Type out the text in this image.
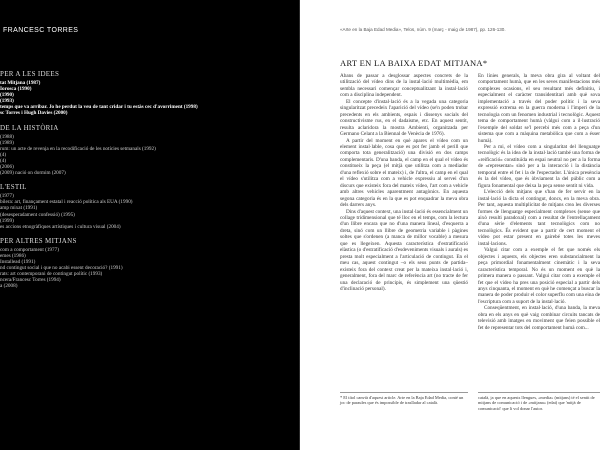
FRANCESC TORRES
PER A LES IDEES
tat Mitjana (1987)
Iorosca (1990)
(1990)
(1993)
temps que va arribar. Jo he perdut la veu de tant cridar i tu estàs cec d'avorriment (1998)
sc Torres i Hugh Davies (2000)
DE LA HISTÒRIA
(1988)
(1989)
rum: un acte de revenja en la recodificació de les notícies setmanals (1992)
(4)
(4)
(2006)
(2009) nació on dormim (2007)
L'ESTIL
(1977)
bilera: art, finançament estatal i reacció política als EUA (1990)
amp mixat (1991)
(desesperadament confessió) (1995)
(1999)
es accions etnogràfiques artístiques i cultura visual (2004)
PER ALTRES MITJANS
com a comportament (1977)
emes (1986)
Installead (1991)
nd contingut social i que no acabi essent decoració? (1991)
rats: art contemporani de contingut polític (1993)
ncera/Francesc Torres (1994)
a (2008)
«Arte en la Baja Edad Media», Telos, núm. 9 (març - maig de 1987), pp. 126-130.
ART EN LA BAIXA EDAT MITJANA*

Abans de passar a desglossar aspectes concrets de la utilització del vídeo dins de la instal·lació multimèdia, em sembla necessari començar conceptualitzant la instal·lació com a disciplina independent.

El concepte d'instal·lació és a la vegada una categoria singularitzat precedeix l'aparició del vídeo (se'n poden trobar precedents en els ambients, espais i dissenys socials del constructivisme rus, en el dadaisme, etc. En aquest sentit, resulta aclaridora la mostra Ambienti, organitzada per Germano Celant a la Biennal de Venècia de 1976).

A partir del moment en què aparex el vídeo com un element instal·lable, cosa que es pot fer jamb el perill que comporta tota generalització) una divisió en dos camps complementaris. D'una banda, el camp en el qual el vídeo és constitueix la peça (el mitjà que utilitza com a mediador d'una reflexió sobre el mateix) i, de l'altra, el camp en el qual el vídeo s'utilitza com a vehicle expressiu al servei d'un discurs que existeix fora del mateix vídeo, l'art com a vehicle amb altres vehicles aparentment antagònics. En aquesta segona categoria és en la que es pot enquadrar la meva obra dels darrers anys.

Dins d'aquest context, una instal·lació és essencialment un collage tridimensional que té lloc en el temps, com la lectura d'un llibre encara que no d'una manera lineal, d'esquerra a dreta, sinó com un llibre de geometria variable i pàgines soltes que s'ordenen (a manca de millor vocable) a mesura que es llegeixen. Aquesta característica d'estratificació elàstica (o d'estratificació d'esdeveniments visuals i aurals) es presta molt especialment a l'articulació de contingut. En el meu cas, aquest contingut –o els seus punts de partida– existeix fora del context creat per la mateixa instal·lació i, generalment, fora del marc de referència art (no tracte de fer una declaració de principis, és simplement una qüestió d'inclinació personal).

En línies generals, la meva obra gira al voltant del comportament humà, que en les seves manifestacions més complexes ocasions, el seu resultant més definitiu, i especialment el caràcter transidentitari amb què sova implementació a través del poder polític i la seva expressió extrema en la guerra moderna i l'imperi de la tecnologia com un fenomen industrial i tecnològic. Aquest tema de comportament humà (vàlgui com a il·lustració l'exemple del soldat se'l percebi més com a peça d'un sistema que com a màquina metabòlica que com a ésser humà).

Per a mi, el vídeo com a singularitat del llenguatge tecnològic és la idea de la instal·lació també una forma de «reificació» constituïda en espai neutral no per a la forma de «representar» sinó per a la interacció i la distància temporal entre el fet i la de l'espectador. L'única presència és la del vídeo, que és òbviament la del públic com a figura fonamental que deixa la peça sense sentit ni vida.

L'elecció dels mitjans que s'han de fer servir en la instal·lació la dicta el contingut, doncs, en la meva obra. Per tant, aquesta multiplicitat de mitjans crea les diverses formes de llenguatge especialment complexes (sense que això resulti paradoxal) com a resultat de l'entrellaçament d'una sèrie d'elements tant tecnològics com no tecnològics. És evident que a partir de cert moment el vídeo pot estar present en gairebé totes les meves instal·lacions.

Valgui citar com a exemple el fet que només els objectes i aquests, els objectes eren substancialment la peça primordial fonamentalment cinemàtic i la seva característica temporal. No és un moment en què la primera manera o passant. Valgui citar com a exemple el fet que el vídeo ha pres una posició especial a partir dels anys cinquanta, el moment en què he començat a buscar la manera de poder produir el color superflu com una eina de l'escriptura com a suport de la instal·lació.

Conseqüentment, en instal·lació, d'una banda, la meva obra en els anys en què vaig combinar circuits tancats de televisió amb imatges en moviment que feien possible el fet de representar tots del comportament humà com...

* El títol canvià d'aquest article. Arte en la Baja Edad Media, conté un joc de paraules que és impossible de traslladar al català.
català, ja que en aquests llengues, «media» (mitjans) té el sentit de mitjans de comunicació i de «mitjana» (edat) que 'mitjà de comunicació' que li vol donar l'autor.
